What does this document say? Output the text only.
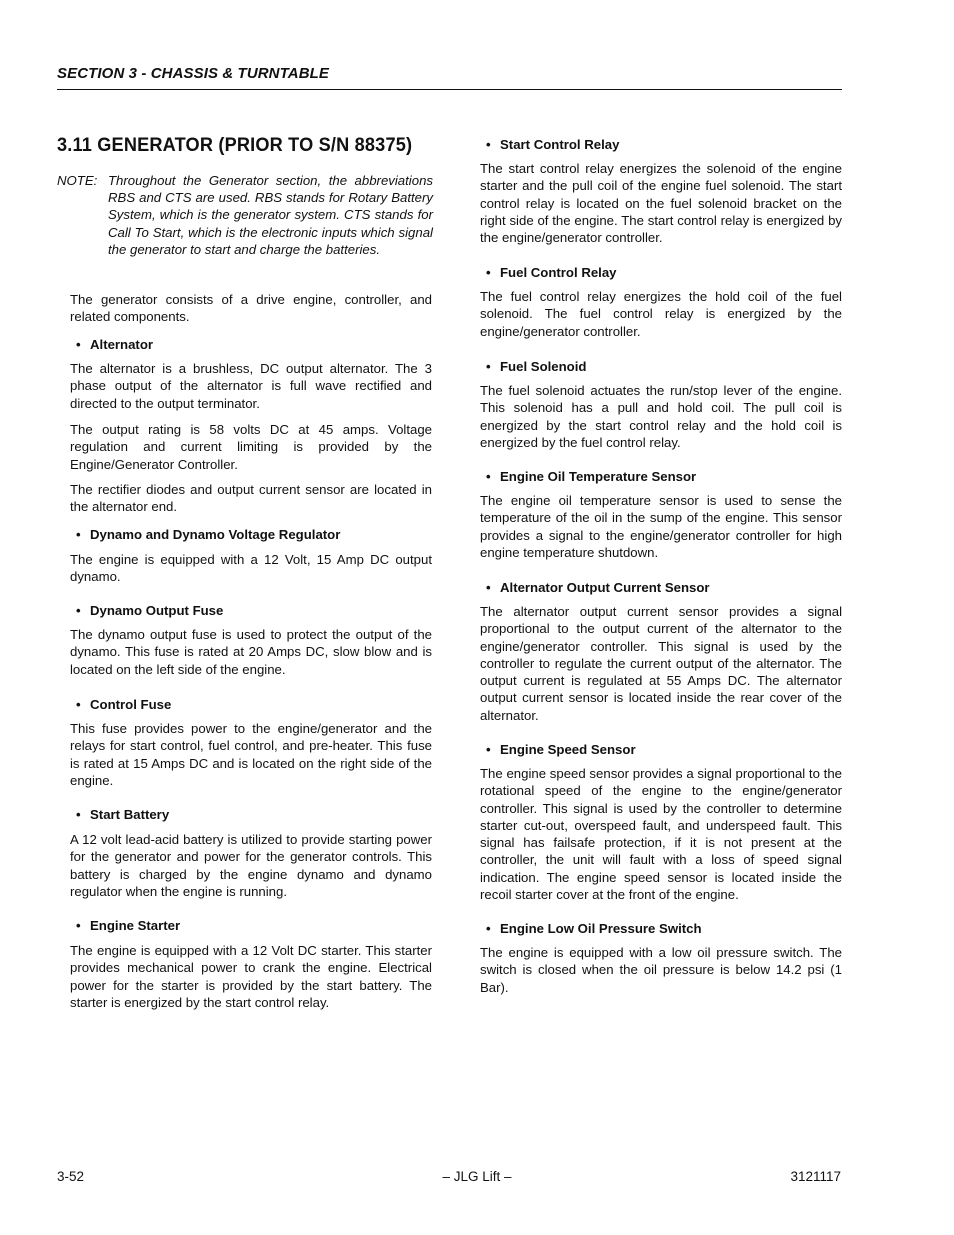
SECTION 3 - CHASSIS & TURNTABLE
3.11 GENERATOR (PRIOR TO S/N 88375)
NOTE: Throughout the Generator section, the abbreviations RBS and CTS are used. RBS stands for Rotary Battery System, which is the generator system. CTS stands for Call To Start, which is the electronic inputs which signal the generator to start and charge the batteries.
The generator consists of a drive engine, controller, and related components.
• Alternator
The alternator is a brushless, DC output alternator. The 3 phase output of the alternator is full wave rectified and directed to the output terminator.
The output rating is 58 volts DC at 45 amps. Voltage regulation and current limiting is provided by the Engine/Generator Controller.
The rectifier diodes and output current sensor are located in the alternator end.
• Dynamo and Dynamo Voltage Regulator
The engine is equipped with a 12 Volt, 15 Amp DC output dynamo.
• Dynamo Output Fuse
The dynamo output fuse is used to protect the output of the dynamo. This fuse is rated at 20 Amps DC, slow blow and is located on the left side of the engine.
• Control Fuse
This fuse provides power to the engine/generator and the relays for start control, fuel control, and pre-heater. This fuse is rated at 15 Amps DC and is located on the right side of the engine.
• Start Battery
A 12 volt lead-acid battery is utilized to provide starting power for the generator and power for the generator controls. This battery is charged by the engine dynamo and dynamo regulator when the engine is running.
• Engine Starter
The engine is equipped with a 12 Volt DC starter. This starter provides mechanical power to crank the engine. Electrical power for the starter is provided by the start battery. The starter is energized by the start control relay.
• Start Control Relay
The start control relay energizes the solenoid of the engine starter and the pull coil of the engine fuel solenoid. The start control relay is located on the fuel solenoid bracket on the right side of the engine. The start control relay is energized by the engine/generator controller.
• Fuel Control Relay
The fuel control relay energizes the hold coil of the fuel solenoid. The fuel control relay is energized by the engine/generator controller.
• Fuel Solenoid
The fuel solenoid actuates the run/stop lever of the engine. This solenoid has a pull and hold coil. The pull coil is energized by the start control relay and the hold coil is energized by the fuel control relay.
• Engine Oil Temperature Sensor
The engine oil temperature sensor is used to sense the temperature of the oil in the sump of the engine. This sensor provides a signal to the engine/generator controller for high engine temperature shutdown.
• Alternator Output Current Sensor
The alternator output current sensor provides a signal proportional to the output current of the alternator to the engine/generator controller. This signal is used by the controller to regulate the current output of the alternator. The output current is regulated at 55 Amps DC. The alternator output current sensor is located inside the rear cover of the alternator.
• Engine Speed Sensor
The engine speed sensor provides a signal proportional to the rotational speed of the engine to the engine/generator controller. This signal is used by the controller to determine starter cut-out, overspeed fault, and underspeed fault. This signal has failsafe protection, if it is not present at the controller, the unit will fault with a loss of speed signal indication. The engine speed sensor is located inside the recoil starter cover at the front of the engine.
• Engine Low Oil Pressure Switch
The engine is equipped with a low oil pressure switch. The switch is closed when the oil pressure is below 14.2 psi (1 Bar).
3-52	– JLG Lift –	3121117
